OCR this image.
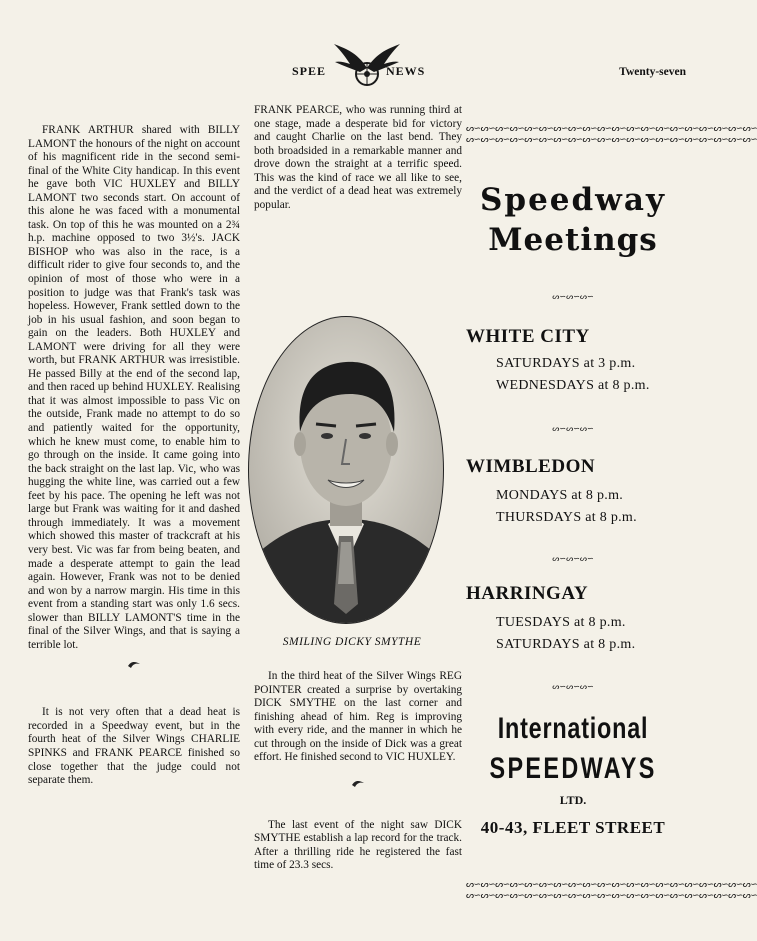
SPEE	NEWS	Twenty-seven

FRANK ARTHUR shared with BILLY LAMONT the honours of the night on account of his magnificent ride in the second semi-final of the White City handicap. In this event he gave both VIC HUXLEY and BILLY LAMONT two seconds start. On account of this alone he was faced with a monumental task. On top of this he was mounted on a 2¾ h.p. machine opposed to two 3½'s. JACK BISHOP who was also in the race, is a difficult rider to give four seconds to, and the opinion of most of those who were in a position to judge was that Frank's task was hopeless. However, Frank settled down to the job in his usual fashion, and soon began to gain on the leaders. Both HUXLEY and LAMONT were driving for all they were worth, but FRANK ARTHUR was irresistible. He passed Billy at the end of the second lap, and then raced up behind HUXLEY. Realising that it was almost impossible to pass Vic on the outside, Frank made no attempt to do so and patiently waited for the opportunity, which he knew must come, to enable him to go through on the inside. It came going into the back straight on the last lap. Vic, who was hugging the white line, was carried out a few feet by his pace. The opening he left was not large but Frank was waiting for it and dashed through immediately. It was a movement which showed this master of trackcraft at his very best. Vic was far from being beaten, and made a desperate attempt to gain the lead again. However, Frank was not to be denied and won by a narrow margin. His time in this event from a standing start was only 1.6 secs. slower than BILLY LAMONT'S time in the final of the Silver Wings, and that is saying a terrible lot.

It is not very often that a dead heat is recorded in a Speedway event, but in the fourth heat of the Silver Wings CHARLIE SPINKS and FRANK PEARCE finished so close together that the judge could not separate them.

FRANK PEARCE, who was running third at one stage, made a desperate bid for victory and caught Charlie on the last bend. They both broadsided in a remarkable manner and drove down the straight at a terrific speed. This was the kind of race we all like to see, and the verdict of a dead heat was extremely popular.

SMILING DICKY SMYTHE

In the third heat of the Silver Wings REG POINTER created a surprise by overtaking DICK SMYTHE on the last corner and finishing ahead of him. Reg is improving with every ride, and the manner in which he cut through on the inside of Dick was a great effort. He finished second to VIC HUXLEY.

The last event of the night saw DICK SMYTHE establish a lap record for the track. After a thrilling ride he registered the fast time of 23.3 secs.

ᔕ∽ᔕ∽ᔕ∽ᔕ∽ᔕ∽ᔕ∽ᔕ∽ᔕ∽ᔕ∽ᔕ∽ᔕ∽ᔕ∽ᔕ∽ᔕ∽ᔕ∽ᔕ∽ᔕ∽ᔕ∽ᔕ∽ᔕ∽
ᔕ∽ᔕ∽ᔕ∽ᔕ∽ᔕ∽ᔕ∽ᔕ∽ᔕ∽ᔕ∽ᔕ∽ᔕ∽ᔕ∽ᔕ∽ᔕ∽ᔕ∽ᔕ∽ᔕ∽ᔕ∽ᔕ∽ᔕ∽
Speedway
Meetings
ᔕ∽ᔕ∽ᔕ∽
WHITE CITY
SATURDAYS at 3 p.m.
WEDNESDAYS at 8 p.m.
ᔕ∽ᔕ∽ᔕ∽
WIMBLEDON
MONDAYS at 8 p.m.
THURSDAYS at 8 p.m.
ᔕ∽ᔕ∽ᔕ∽
HARRINGAY
TUESDAYS at 8 p.m.
SATURDAYS at 8 p.m.
ᔕ∽ᔕ∽ᔕ∽
International
SPEEDWAYS
LTD.
40-43, FLEET STREET
ᔕ∽ᔕ∽ᔕ∽ᔕ∽ᔕ∽ᔕ∽ᔕ∽ᔕ∽ᔕ∽ᔕ∽ᔕ∽ᔕ∽ᔕ∽ᔕ∽ᔕ∽ᔕ∽ᔕ∽ᔕ∽ᔕ∽ᔕ∽
ᔕ∽ᔕ∽ᔕ∽ᔕ∽ᔕ∽ᔕ∽ᔕ∽ᔕ∽ᔕ∽ᔕ∽ᔕ∽ᔕ∽ᔕ∽ᔕ∽ᔕ∽ᔕ∽ᔕ∽ᔕ∽ᔕ∽ᔕ∽
